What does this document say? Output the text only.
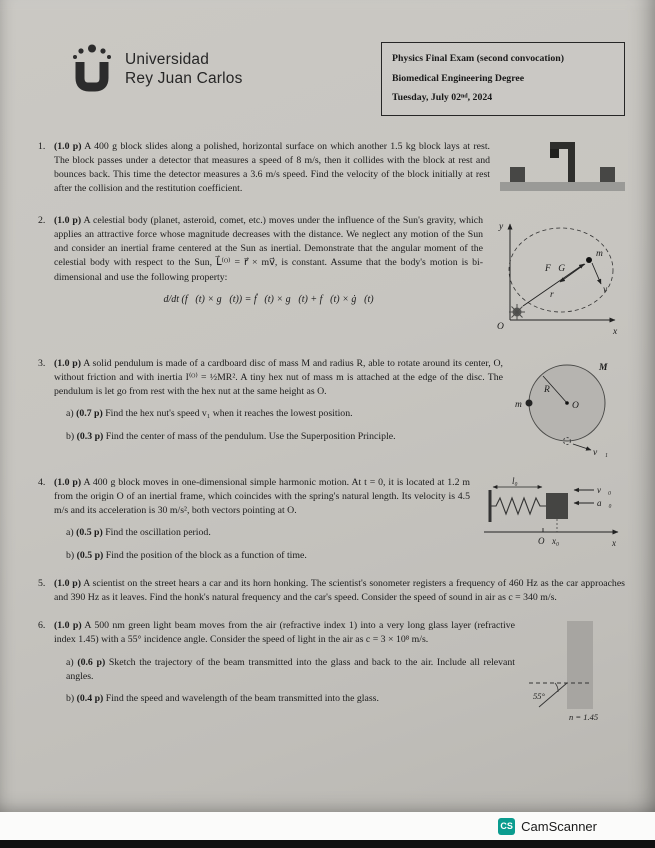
Universidad
Rey Juan Carlos
Physics Final Exam (second convocation)
Biomedical Engineering Degree
Tuesday, July 02ⁿᵈ, 2024
1. (1.0 p) A 400 g block slides along a polished, horizontal surface on which another 1.5 kg block lays at rest. The block passes under a detector that measures a speed of 8 m/s, then it collides with the block at rest and bounces back. This time the detector measures a 3.6 m/s speed. Find the velocity of the block initially at rest after the collision and the restitution coefficient.

2. (1.0 p) A celestial body (planet, asteroid, comet, etc.) moves under the influence of the Sun's gravity, which applies an attractive force whose magnitude decreases with the distance. We neglect any motion of the Sun and consider an inertial frame centered at the Sun as inertial. Demonstrate that the angular moment of the celestial body with respect to the Sun, L⃗⁽ᴼ⁾ = r⃗ × mv⃗, is constant. Assume that the body's motion is bi-dimensional and use the following property:

d/dt (f⃗(t) × g⃗(t)) = ḟ⃗(t) × g⃗(t) + f⃗(t) × ġ⃗(t)
y
x
O
r⃗
m
F⃗G
v⃗
3. (1.0 p) A solid pendulum is made of a cardboard disc of mass M and radius R, able to rotate around its center, O, without friction and with inertia I⁽ᴼ⁾ = ½MR². A tiny hex nut of mass m is attached at the edge of the disc. The pendulum is let go from rest with the hex nut at the same height as O.

a) (0.7 p) Find the hex nut's speed v₁ when it reaches the lowest position.

b) (0.3 p) Find the center of mass of the pendulum. Use the Superposition Principle.

M
R
O
m
v⃗₁
4. (1.0 p) A 400 g block moves in one-dimensional simple harmonic motion. At t = 0, it is located at 1.2 m from the origin O of an inertial frame, which coincides with the spring's natural length. Its velocity is 4.5 m/s and its acceleration is 30 m/s², both vectors pointing at O.

a) (0.5 p) Find the oscillation period.

b) (0.5 p) Find the position of the block as a function of time.

l₀
v⃗₀
a⃗₀
O x₀	x
5. (1.0 p) A scientist on the street hears a car and its horn honking. The scientist's sonometer registers a frequency of 460 Hz as the car approaches and 390 Hz as it leaves. Find the honk's natural frequency and the car's speed. Consider the speed of sound in air as c = 340 m/s.

6. (1.0 p) A 500 nm green light beam moves from the air (refractive index 1) into a very long glass layer (refractive index 1.45) with a 55° incidence angle. Consider the speed of light in the air as c = 3 × 10⁸ m/s.

a) (0.6 p) Sketch the trajectory of the beam transmitted into the glass and back to the air. Include all relevant angles.

b) (0.4 p) Find the speed and wavelength of the beam transmitted into the glass.	55°
n = 1.45
CS CamScanner
